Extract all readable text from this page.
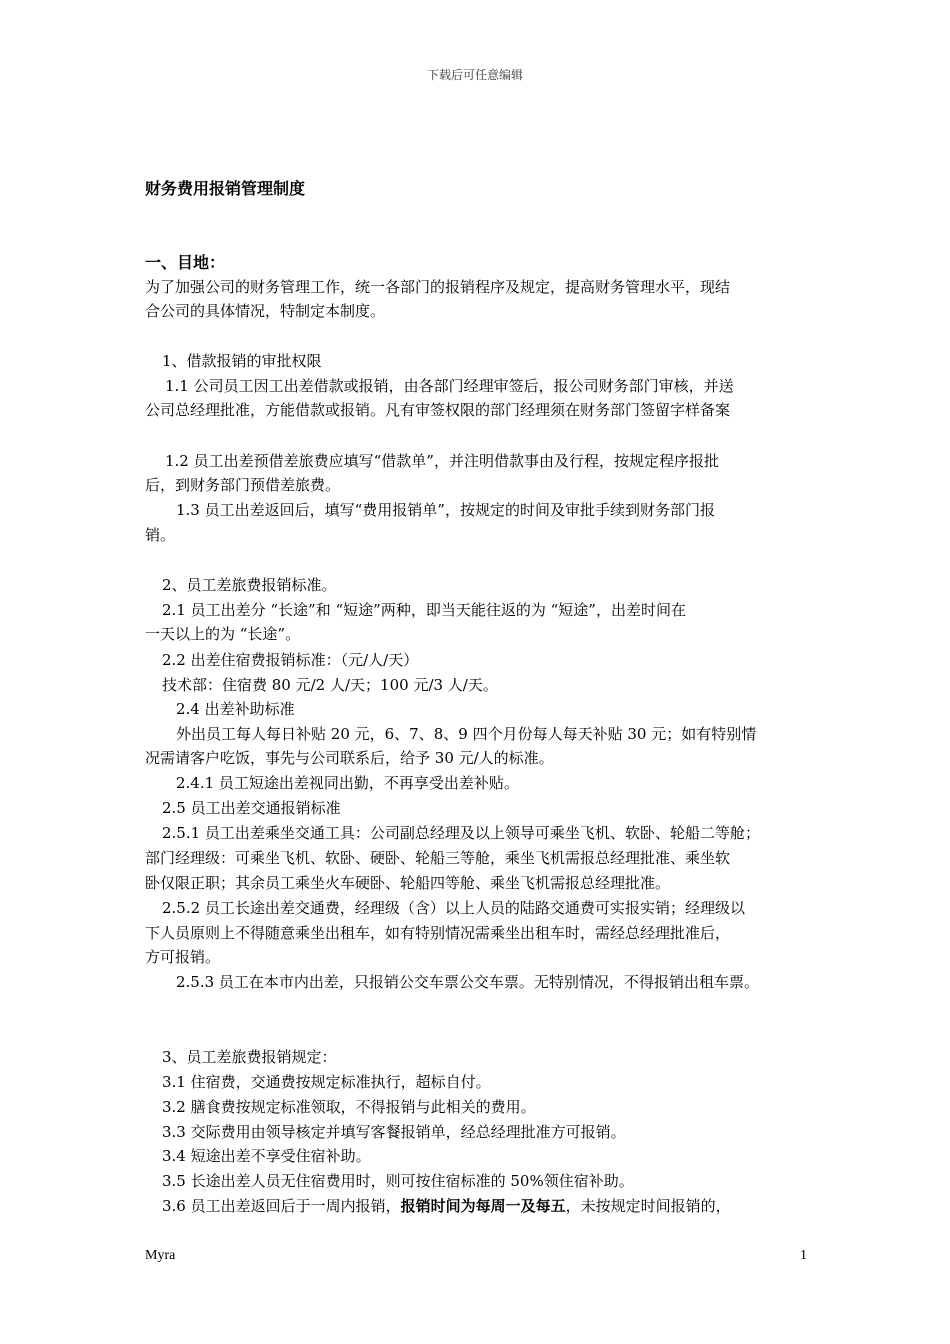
下载后可任意编辑
财务费用报销管理制度
一、目地：
为了加强公司的财务管理工作，统一各部门的报销程序及规定，提高财务管理水平，现结
合公司的具体情况，特制定本制度。
1、借款报销的审批权限
1.1 公司员工因工出差借款或报销，由各部门经理审签后，报公司财务部门审核，并送
公司总经理批准，方能借款或报销。凡有审签权限的部门经理须在财务部门签留字样备案
1.2 员工出差预借差旅费应填写“借款单”，并注明借款事由及行程，按规定程序报批
后，到财务部门预借差旅费。
1.3 员工出差返回后，填写“费用报销单”，按规定的时间及审批手续到财务部门报
销。
2、员工差旅费报销标准。
2.1 员工出差分 “长途”和 “短途”两种，即当天能往返的为 “短途”，出差时间在
一天以上的为 “长途”。
2.2 出差住宿费报销标准：（元/人/天）
技术部：住宿费 80 元/2 人/天；100 元/3 人/天。
2.4 出差补助标准
外出员工每人每日补贴 20 元，6、7、8、9 四个月份每人每天补贴 30 元；如有特别情
况需请客户吃饭，事先与公司联系后，给予 30 元/人的标准。
2.4.1 员工短途出差视同出勤，不再享受出差补贴。
2.5 员工出差交通报销标准
2.5.1 员工出差乘坐交通工具：公司副总经理及以上领导可乘坐飞机、软卧、轮船二等舱；
部门经理级：可乘坐飞机、软卧、硬卧、轮船三等舱，乘坐飞机需报总经理批准、乘坐软
卧仅限正职；其余员工乘坐火车硬卧、轮船四等舱、乘坐飞机需报总经理批准。
2.5.2 员工长途出差交通费，经理级（含）以上人员的陆路交通费可实报实销；经理级以
下人员原则上不得随意乘坐出租车，如有特别情况需乘坐出租车时，需经总经理批准后，
方可报销。
2.5.3 员工在本市内出差，只报销公交车票公交车票。无特别情况，不得报销出租车票。
3、员工差旅费报销规定：
3.1 住宿费，交通费按规定标准执行，超标自付。
3.2 膳食费按规定标准领取，不得报销与此相关的费用。
3.3 交际费用由领导核定并填写客餐报销单，经总经理批准方可报销。
3.4 短途出差不享受住宿补助。
3.5 长途出差人员无住宿费用时，则可按住宿标准的 50%领住宿补助。
3.6 员工出差返回后于一周内报销，报销时间为每周一及每五，未按规定时间报销的，
Myra	1
